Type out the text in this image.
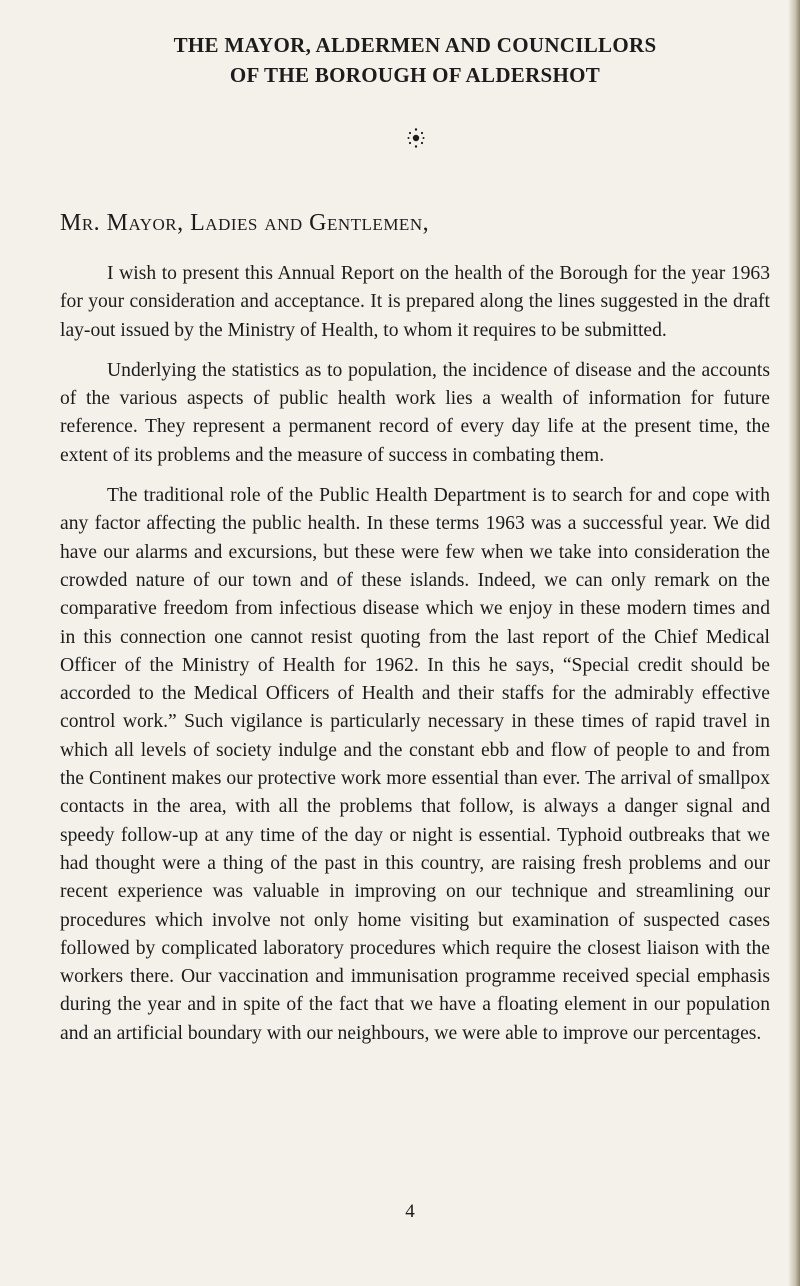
THE MAYOR, ALDERMEN AND COUNCILLORS
OF THE BOROUGH OF ALDERSHOT
Mr. Mayor, Ladies and Gentlemen,

I wish to present this Annual Report on the health of the Borough for the year 1963 for your consideration and acceptance. It is prepared along the lines suggested in the draft lay-out issued by the Ministry of Health, to whom it requires to be submitted.

Underlying the statistics as to population, the incidence of disease and the accounts of the various aspects of public health work lies a wealth of information for future reference. They represent a permanent record of every day life at the present time, the extent of its problems and the measure of success in combating them.

The traditional role of the Public Health Department is to search for and cope with any factor affecting the public health. In these terms 1963 was a successful year. We did have our alarms and excursions, but these were few when we take into consideration the crowded nature of our town and of these islands. Indeed, we can only remark on the comparative freedom from infectious disease which we enjoy in these modern times and in this connection one cannot resist quoting from the last report of the Chief Medical Officer of the Ministry of Health for 1962. In this he says, “Special credit should be accorded to the Medical Officers of Health and their staffs for the admirably effective control work.” Such vigilance is particularly necessary in these times of rapid travel in which all levels of society indulge and the constant ebb and flow of people to and from the Continent makes our protective work more essential than ever. The arrival of smallpox contacts in the area, with all the problems that follow, is always a danger signal and speedy follow-up at any time of the day or night is essential. Typhoid outbreaks that we had thought were a thing of the past in this country, are raising fresh problems and our recent experience was valuable in improving on our technique and streamlining our procedures which involve not only home visiting but examination of suspected cases followed by complicated laboratory procedures which require the closest liaison with the workers there. Our vaccination and immunisation programme received special emphasis during the year and in spite of the fact that we have a floating element in our population and an artificial boundary with our neighbours, we were able to improve our percentages.

4
